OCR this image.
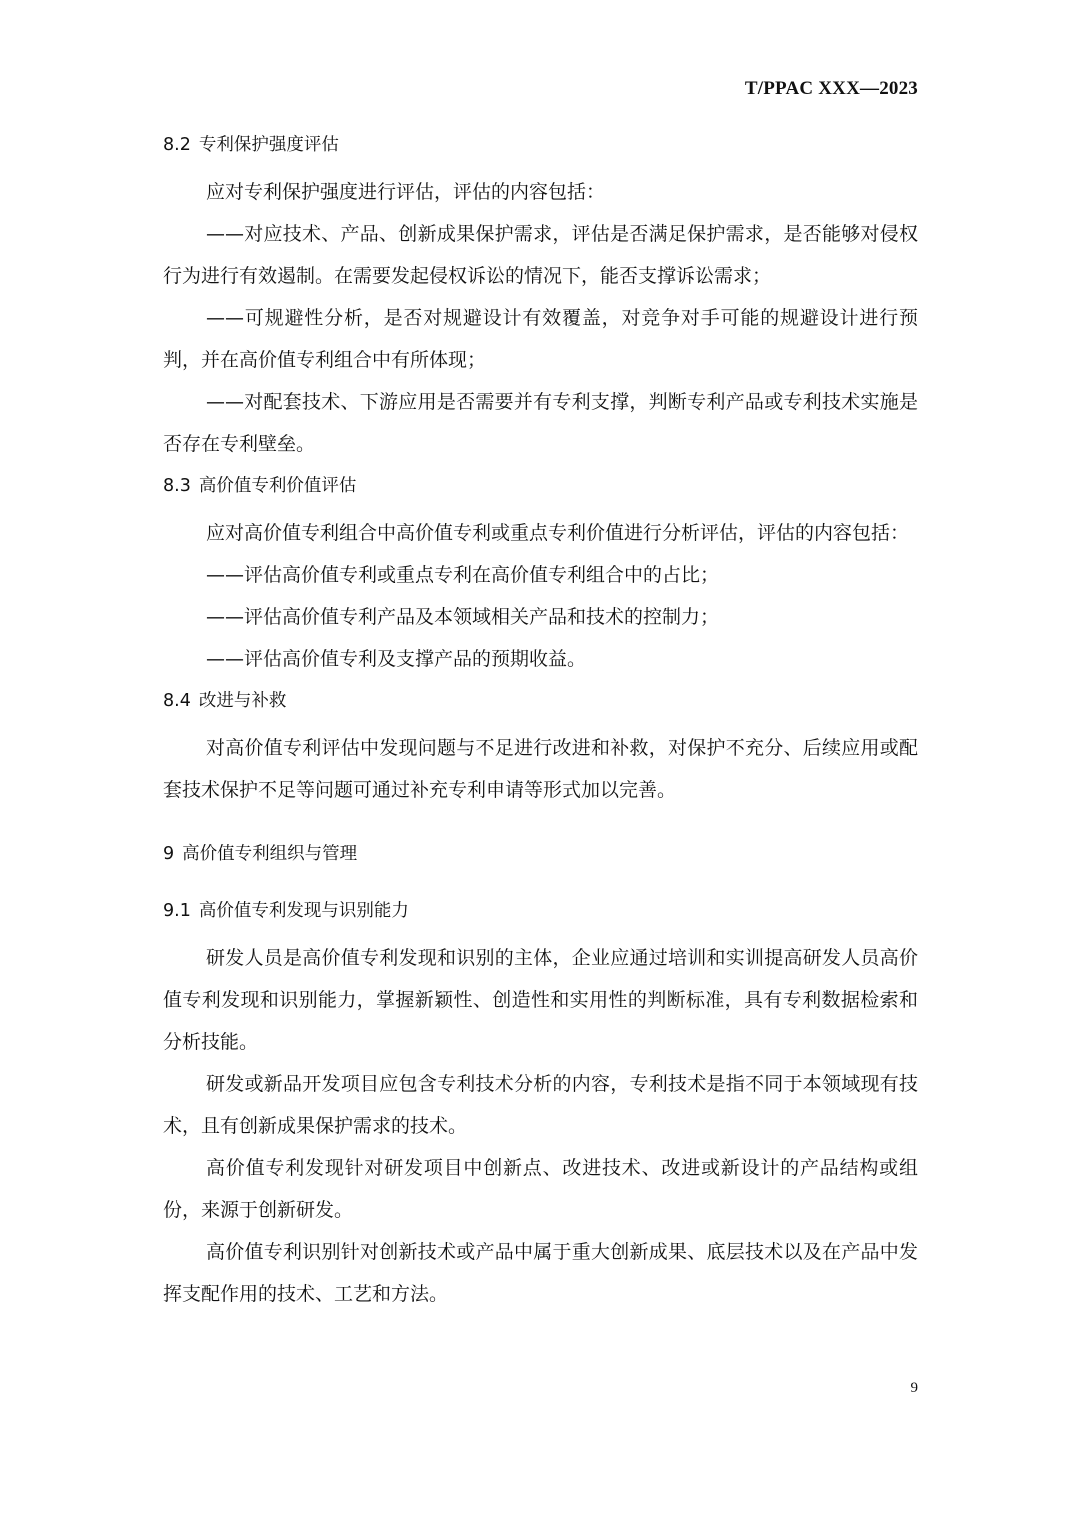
T/PPAC XXX—2023
8.2 专利保护强度评估

应对专利保护强度进行评估，评估的内容包括：

——对应技术、产品、创新成果保护需求，评估是否满足保护需求，是否能够对侵权行为进行有效遏制。在需要发起侵权诉讼的情况下，能否支撑诉讼需求；

——可规避性分析，是否对规避设计有效覆盖，对竞争对手可能的规避设计进行预判，并在高价值专利组合中有所体现；

——对配套技术、下游应用是否需要并有专利支撑，判断专利产品或专利技术实施是否存在专利壁垒。

8.3 高价值专利价值评估

应对高价值专利组合中高价值专利或重点专利价值进行分析评估，评估的内容包括：

——评估高价值专利或重点专利在高价值专利组合中的占比；

——评估高价值专利产品及本领域相关产品和技术的控制力；

——评估高价值专利及支撑产品的预期收益。

8.4 改进与补救

对高价值专利评估中发现问题与不足进行改进和补救，对保护不充分、后续应用或配套技术保护不足等问题可通过补充专利申请等形式加以完善。

9 高价值专利组织与管理
9.1 高价值专利发现与识别能力

研发人员是高价值专利发现和识别的主体，企业应通过培训和实训提高研发人员高价值专利发现和识别能力，掌握新颖性、创造性和实用性的判断标准，具有专利数据检索和分析技能。

研发或新品开发项目应包含专利技术分析的内容，专利技术是指不同于本领域现有技术，且有创新成果保护需求的技术。

高价值专利发现针对研发项目中创新点、改进技术、改进或新设计的产品结构或组份，来源于创新研发。

高价值专利识别针对创新技术或产品中属于重大创新成果、底层技术以及在产品中发挥支配作用的技术、工艺和方法。

9
